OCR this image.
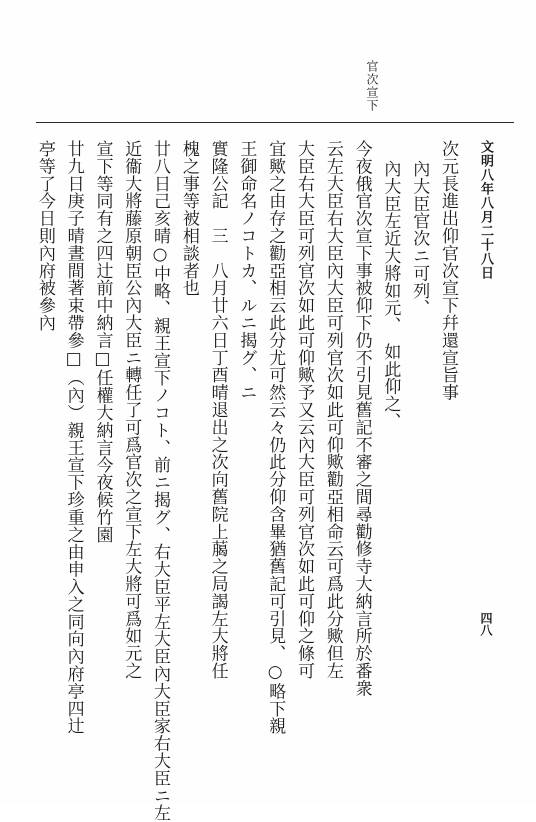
官次宣下
文明八年八月二十八日
四八
次元長進出仰官次宣下幷還宣旨事
內大臣官次ニ可列、
內大臣左近大將如元、　如此仰之、
今夜俄官次宣下事被仰下仍不引見舊記不審之間尋勸修寺大納言所於番衆
云左大臣右大臣內大臣可列官次如此可仰歟勸亞相命云可爲此分歟但左
大臣右大臣可列官次如此可仰歟予又云內大臣可列官次如此可仰之條可
宜歟之由存之勸亞相云此分尤可然云々仍此分仰含畢猶舊記可引見、○略下親
王御命名ノコトカ、ルニ揭グ、ニ
實隆公記　三　八月廿六日丁酉晴退出之次向舊院上﨟之局謁左大將任
槐之事等被相談者也
廿八日己亥晴○中略、親王宣下ノコト、前ニ揭グ、右大臣平左大臣內大臣家右大臣ニ左
近衞大將藤原朝臣公內大臣ニ轉任了可爲官次之宣下左大將可爲如元之
宣下等同有之四辻前中納言□任權大納言今夜候竹園
廿九日庚子晴晝間著束帶參□（內）親王宣下珍重之由申入之同向內府亭四辻
亭等了今日則內府被參內
